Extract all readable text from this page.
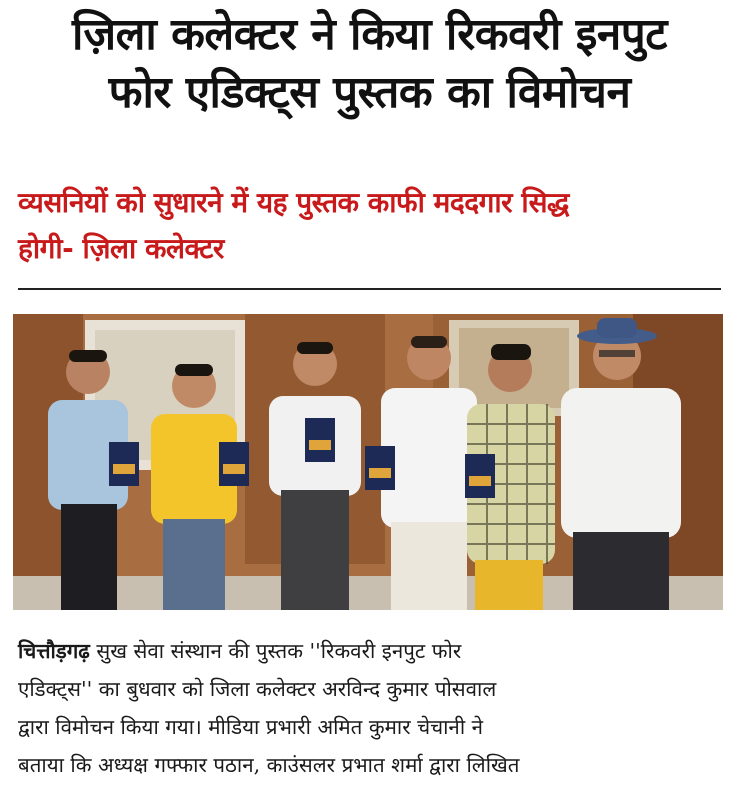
ज़िला कलेक्टर ने किया रिकवरी इनपुट
फोर एडिक्ट्स पुस्तक का विमोचन
व्यसनियों को सुधारने में यह पुस्तक काफी मददगार सिद्ध
होगी- ज़िला कलेक्टर
चित्तौड़गढ़ सुख सेवा संस्थान की पुस्तक ''रिकवरी इनपुट फोर
एडिक्ट्स'' का बुधवार को जिला कलेक्टर अरविन्द कुमार पोसवाल
द्वारा विमोचन किया गया। मीडिया प्रभारी अमित कुमार चेचानी ने
बताया कि अध्यक्ष गफ्फार पठान, काउंसलर प्रभात शर्मा द्वारा लिखित
